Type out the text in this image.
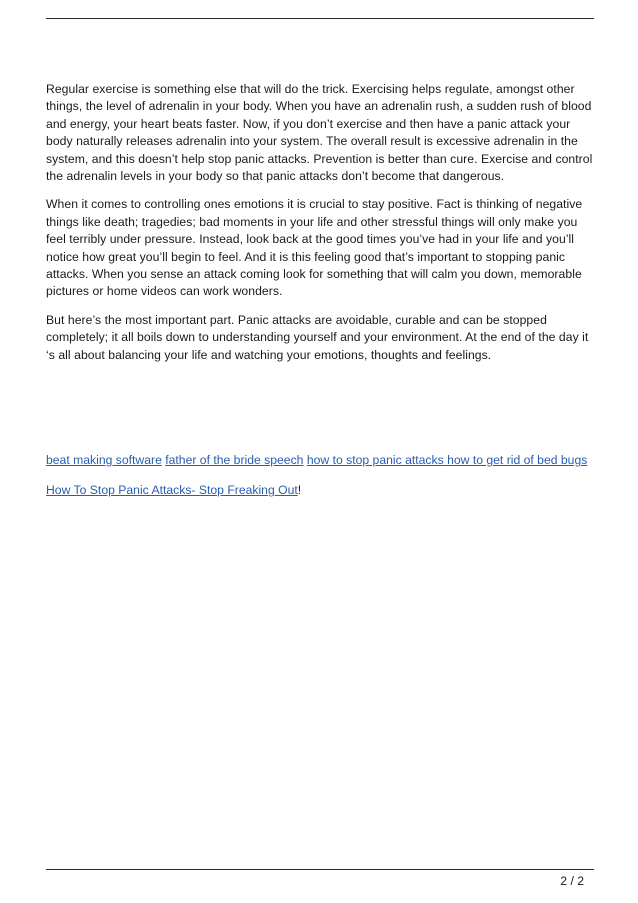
Regular exercise is something else that will do the trick. Exercising helps regulate, amongst other things, the level of adrenalin in your body. When you have an adrenalin rush, a sudden rush of blood and energy, your heart beats faster. Now, if you don’t exercise and then have a panic attack your body naturally releases adrenalin into your system. The overall result is excessive adrenalin in the system, and this doesn’t help stop panic attacks. Prevention is better than cure. Exercise and control the adrenalin levels in your body so that panic attacks don’t become that dangerous.

When it comes to controlling ones emotions it is crucial to stay positive. Fact is thinking of negative things like death; tragedies; bad moments in your life and other stressful things will only make you feel terribly under pressure. Instead, look back at the good times you’ve had in your life and you’ll notice how great you’ll begin to feel. And it is this feeling good that’s important to stopping panic attacks. When you sense an attack coming look for something that will calm you down, memorable pictures or home videos can work wonders.

But here’s the most important part. Panic attacks are avoidable, curable and can be stopped completely; it all boils down to understanding yourself and your environment. At the end of the day it ‘s all about balancing your life and watching your emotions, thoughts and feelings.

beat making software father of the bride speech how to stop panic attacks how to get rid of bed bugs

How To Stop Panic Attacks- Stop Freaking Out!

2 / 2
